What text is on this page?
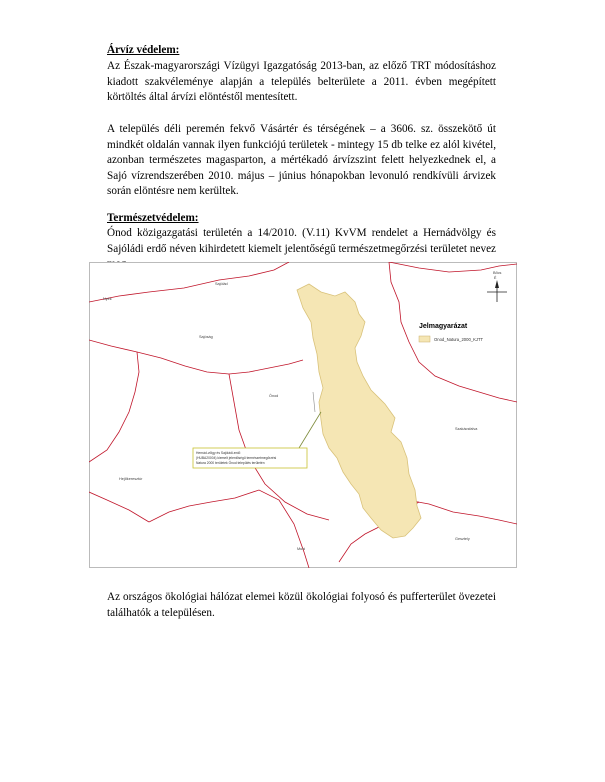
Árvíz védelem:

Az Észak-magyarországi Vízügyi Igazgatóság 2013-ban, az előző TRT módosításhoz kiadott szakvéleménye alapján a település belterülete a 2011. évben megépített körtöltés által árvízi elöntéstől mentesített.

A település déli peremén fekvő Vásártér és térségének – a 3606. sz. összekötő út mindkét oldalán vannak ilyen funkciójú területek - mintegy 15 db telke ez alól kivétel, azonban természetes magasparton, a mértékadó árvízszint felett helyezkednek el, a Sajó vízrendszerében 2010. május – június hónapokban levonuló rendkívüli árvizek során elöntésre nem kerültek.

Természetvédelem:

Ónod közigazgatási területén a 14/2010. (V.11) KvVM rendelet a Hernádvölgy és Sajóládi erdő néven kihirdetett kiemelt jelentőségű természetmegőrzési területet nevez

Hernád-völgy és Sajóládi-erdő
(HUBA20004) kiemelt jelentőségű természetmegőrzési
Natura 2000 területek Ónod település területén
Jelmagyarázat
Onod_Natura_2000_KJTT
É
Sajólád
Nyék
Sajóság
Ónod
Hejőkeresztúr
Muhi
Szakácsfalva
Gesztely
Bőcs

Az országos ökológiai hálózat elemei közül ökológiai folyosó és pufferterület övezetei találhatók a településen.
